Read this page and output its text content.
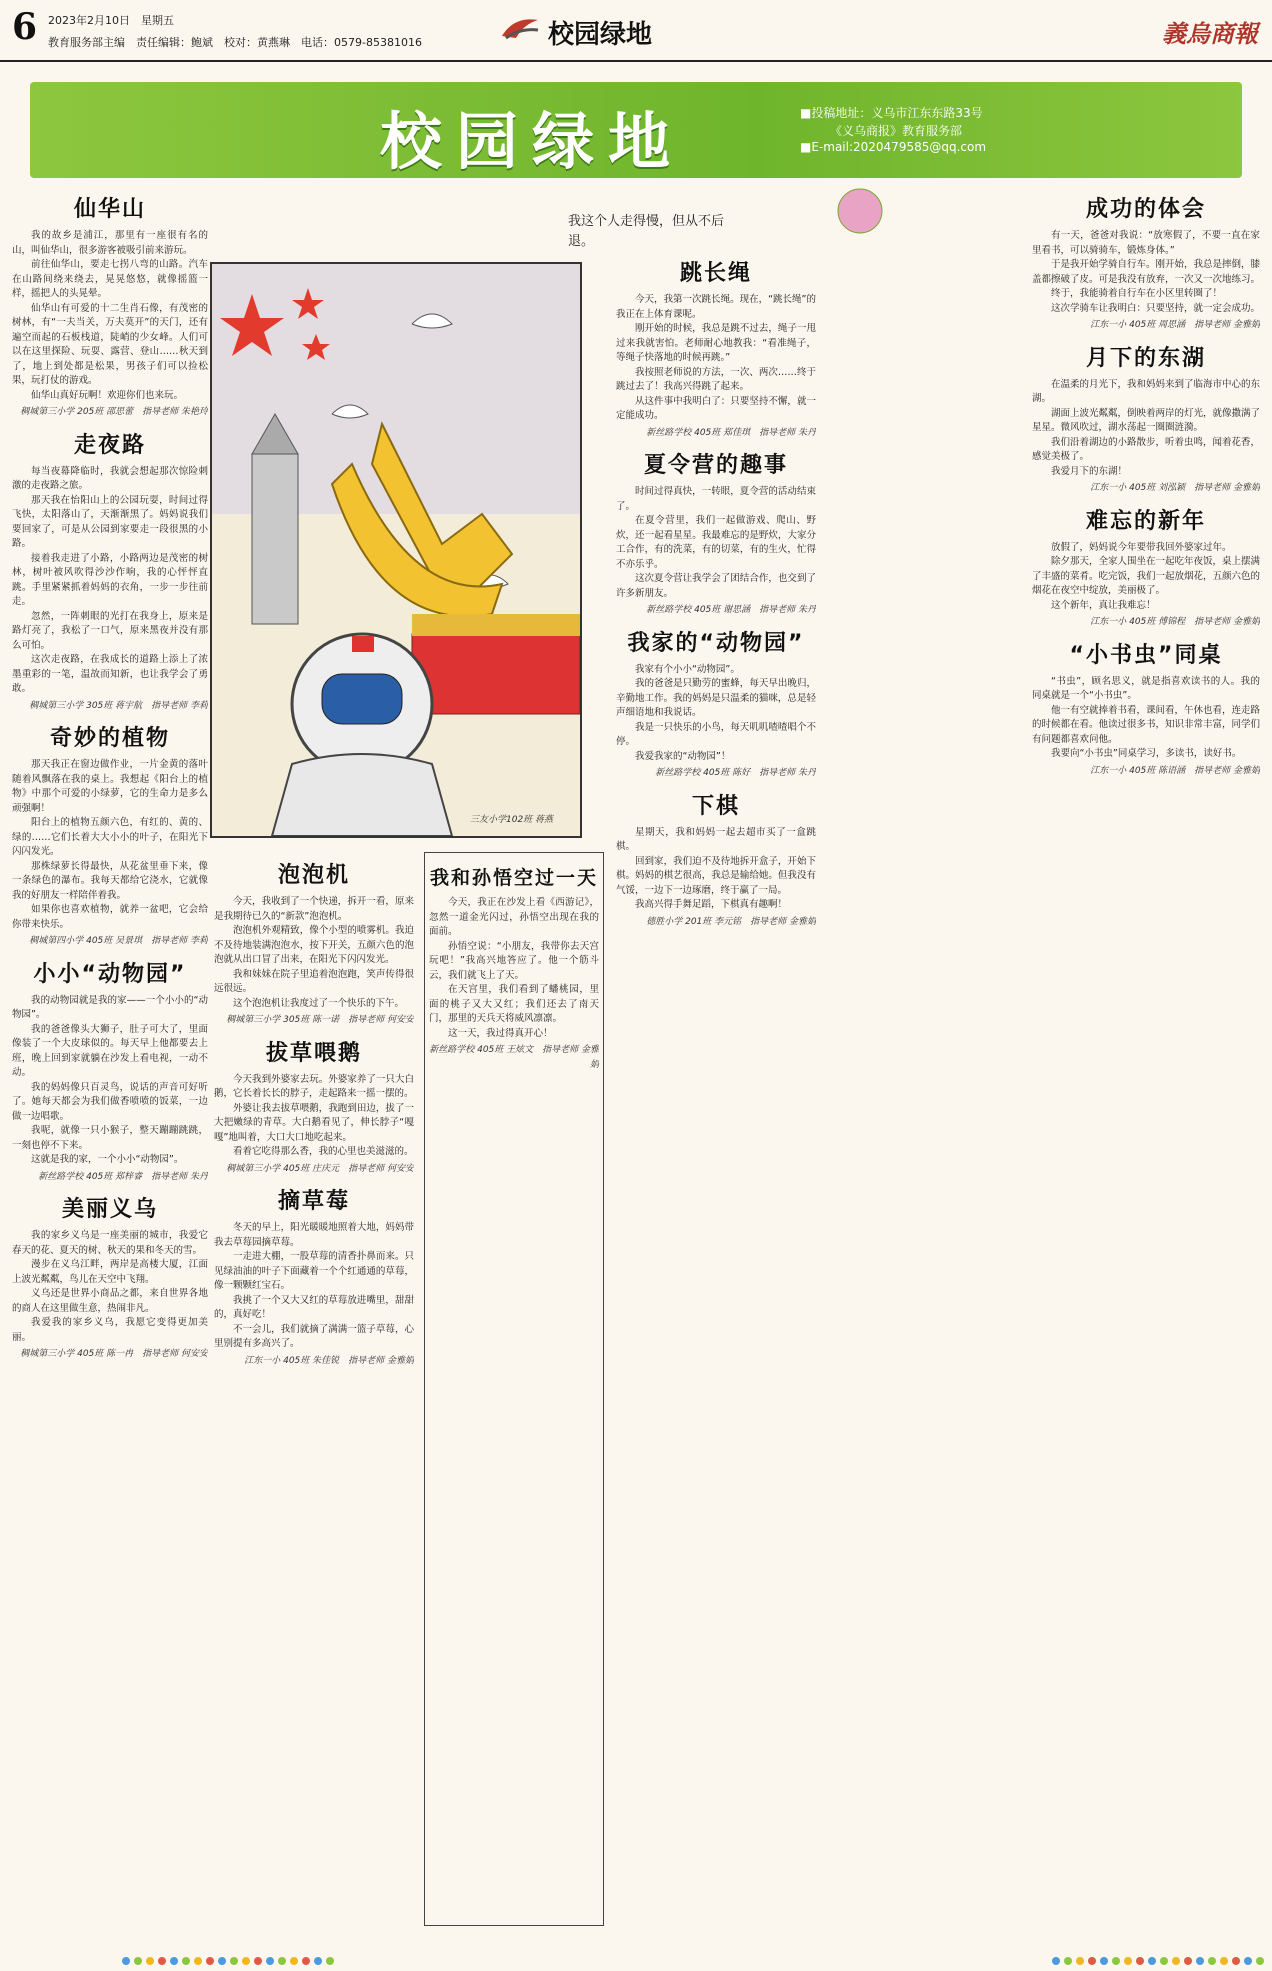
6 2023年2月10日　星期五
教育服务部主编　责任编辑：鲍斌　校对：黄燕琳　电话：0579-85381016	校园绿地	義烏商報
校园绿地	■投稿地址：义乌市江东东路33号
《义乌商报》教育服务部
■E-mail:2020479585@qq.com
我这个人走得慢，但从不后退。
仙华山

我的故乡是浦江，那里有一座很有名的山，叫仙华山，很多游客被吸引前来游玩。

前往仙华山，要走七拐八弯的山路。汽车在山路间绕来绕去，晃晃悠悠，就像摇篮一样，摇把人的头晃晕。

仙华山有可爱的十二生肖石像，有茂密的树林，有“一夫当关，万夫莫开”的天门，还有遍空而起的石板栈道，陡峭的少女峰。人们可以在这里探险、玩耍、露营、登山……秋天到了，地上到处都是松果，男孩子们可以捡松果，玩打仗的游戏。

仙华山真好玩啊！欢迎你们也来玩。

稠城第三小学 205班 邵思蕾　指导老师 朱艳玲
走夜路

每当夜幕降临时，我就会想起那次惊险刺激的走夜路之旅。

那天我在怡阳山上的公园玩耍，时间过得飞快，太阳落山了，天渐渐黑了。妈妈说我们要回家了，可是从公园到家要走一段很黑的小路。

接着我走进了小路，小路两边是茂密的树林，树叶被风吹得沙沙作响，我的心怦怦直跳。手里紧紧抓着妈妈的衣角，一步一步往前走。

忽然，一阵刺眼的光打在我身上，原来是路灯亮了，我松了一口气，原来黑夜并没有那么可怕。

这次走夜路，在我成长的道路上添上了浓墨重彩的一笔，温故而知新，也让我学会了勇敢。

稠城第三小学 305班 蒋宇航　指导老师 李莉
奇妙的植物

那天我正在窗边做作业，一片金黄的落叶随着风飘落在我的桌上。我想起《阳台上的植物》中那个可爱的小绿萝，它的生命力是多么顽强啊！

阳台上的植物五颜六色，有红的、黄的、绿的……它们长着大大小小的叶子，在阳光下闪闪发光。

那株绿萝长得最快，从花盆里垂下来，像一条绿色的瀑布。我每天都给它浇水，它就像我的好朋友一样陪伴着我。

如果你也喜欢植物，就养一盆吧，它会给你带来快乐。

稠城第四小学 405班 吴景琪　指导老师 李莉
小小“动物园”

我的动物园就是我的家——一个小小的“动物园”。

我的爸爸像头大狮子，肚子可大了，里面像装了一个大皮球似的。每天早上他都要去上班，晚上回到家就躺在沙发上看电视，一动不动。

我的妈妈像只百灵鸟，说话的声音可好听了。她每天都会为我们做香喷喷的饭菜，一边做一边唱歌。

我呢，就像一只小猴子，整天蹦蹦跳跳，一刻也停不下来。

这就是我的家，一个小小“动物园”。

新丝路学校 405班 郑梓睿　指导老师 朱丹
美丽义乌

我的家乡义乌是一座美丽的城市，我爱它春天的花、夏天的树、秋天的果和冬天的雪。

漫步在义乌江畔，两岸是高楼大厦，江面上波光粼粼，鸟儿在天空中飞翔。

义乌还是世界小商品之都，来自世界各地的商人在这里做生意，热闹非凡。

我爱我的家乡义乌，我愿它变得更加美丽。

稠城第三小学 405班 陈一冉　指导老师 何安安
三友小学102班 蒋燕
泡泡机

今天，我收到了一个快递，拆开一看，原来是我期待已久的“新款”泡泡机。

泡泡机外观精致，像个小型的喷雾机。我迫不及待地装满泡泡水，按下开关，五颜六色的泡泡就从出口冒了出来，在阳光下闪闪发光。

我和妹妹在院子里追着泡泡跑，笑声传得很远很远。

这个泡泡机让我度过了一个快乐的下午。

稠城第三小学 305班 陈一诺　指导老师 何安安
拔草喂鹅

今天我到外婆家去玩。外婆家养了一只大白鹅，它长着长长的脖子，走起路来一摇一摆的。

外婆让我去拔草喂鹅，我跑到田边，拔了一大把嫩绿的青草。大白鹅看见了，伸长脖子“嘎嘎”地叫着，大口大口地吃起来。

看着它吃得那么香，我的心里也美滋滋的。

稠城第三小学 405班 庄庆元　指导老师 何安安
摘草莓

冬天的早上，阳光暖暖地照着大地，妈妈带我去草莓园摘草莓。

一走进大棚，一股草莓的清香扑鼻而来。只见绿油油的叶子下面藏着一个个红通通的草莓，像一颗颗红宝石。

我挑了一个又大又红的草莓放进嘴里，甜甜的，真好吃！

不一会儿，我们就摘了满满一篮子草莓，心里别提有多高兴了。

江东一小 405班 朱佳锐　指导老师 金雅娟
我和孙悟空过一天

今天，我正在沙发上看《西游记》，忽然一道金光闪过，孙悟空出现在我的面前。

孙悟空说：“小朋友，我带你去天宫玩吧！”我高兴地答应了。他一个筋斗云，我们就飞上了天。

在天宫里，我们看到了蟠桃园，里面的桃子又大又红；我们还去了南天门，那里的天兵天将威风凛凛。

这一天，我过得真开心！

新丝路学校 405班 王炫文　指导老师 金雅娟
跳长绳

今天，我第一次跳长绳。现在，“跳长绳”的我正在上体育课呢。

刚开始的时候，我总是跳不过去，绳子一甩过来我就害怕。老师耐心地教我：“看准绳子，等绳子快落地的时候再跳。”

我按照老师说的方法，一次、两次……终于跳过去了！我高兴得跳了起来。

从这件事中我明白了：只要坚持不懈，就一定能成功。

新丝路学校 405班 郑佳琪　指导老师 朱丹
夏令营的趣事

时间过得真快，一转眼，夏令营的活动结束了。

在夏令营里，我们一起做游戏、爬山、野炊，还一起看星星。我最难忘的是野炊，大家分工合作，有的洗菜，有的切菜，有的生火，忙得不亦乐乎。

这次夏令营让我学会了团结合作，也交到了许多新朋友。

新丝路学校 405班 谢思涵　指导老师 朱丹
我家的“动物园”

我家有个小小“动物园”。

我的爸爸是只勤劳的蜜蜂，每天早出晚归，辛勤地工作。我的妈妈是只温柔的猫咪，总是轻声细语地和我说话。

我是一只快乐的小鸟，每天叽叽喳喳唱个不停。

我爱我家的“动物园”！

新丝路学校 405班 陈好　指导老师 朱丹
下棋

星期天，我和妈妈一起去超市买了一盒跳棋。

回到家，我们迫不及待地拆开盒子，开始下棋。妈妈的棋艺很高，我总是输给她。但我没有气馁，一边下一边琢磨，终于赢了一局。

我高兴得手舞足蹈，下棋真有趣啊！

德胜小学 201班 李元铭　指导老师 金雅娟
成功的体会

有一天，爸爸对我说：“放寒假了，不要一直在家里看书，可以骑骑车，锻炼身体。”

于是我开始学骑自行车。刚开始，我总是摔倒，膝盖都擦破了皮。可是我没有放弃，一次又一次地练习。

终于，我能骑着自行车在小区里转圈了！

这次学骑车让我明白：只要坚持，就一定会成功。

江东一小 405班 周思涵　指导老师 金雅娟
月下的东湖

在温柔的月光下，我和妈妈来到了临海市中心的东湖。

湖面上波光粼粼，倒映着两岸的灯光，就像撒满了星星。微风吹过，湖水荡起一圈圈涟漪。

我们沿着湖边的小路散步，听着虫鸣，闻着花香，感觉美极了。

我爱月下的东湖！

江东一小 405班 刘泓颖　指导老师 金雅娟
难忘的新年

放假了，妈妈说今年要带我回外婆家过年。

除夕那天，全家人围坐在一起吃年夜饭，桌上摆满了丰盛的菜肴。吃完饭，我们一起放烟花，五颜六色的烟花在夜空中绽放，美丽极了。

这个新年，真让我难忘！

江东一小 405班 傅锦程　指导老师 金雅娟
“小书虫”同桌

“书虫”，顾名思义，就是指喜欢读书的人。我的同桌就是一个“小书虫”。

他一有空就捧着书看，课间看，午休也看，连走路的时候都在看。他读过很多书，知识非常丰富，同学们有问题都喜欢问他。

我要向“小书虫”同桌学习，多读书，读好书。

江东一小 405班 陈语涵　指导老师 金雅娟
